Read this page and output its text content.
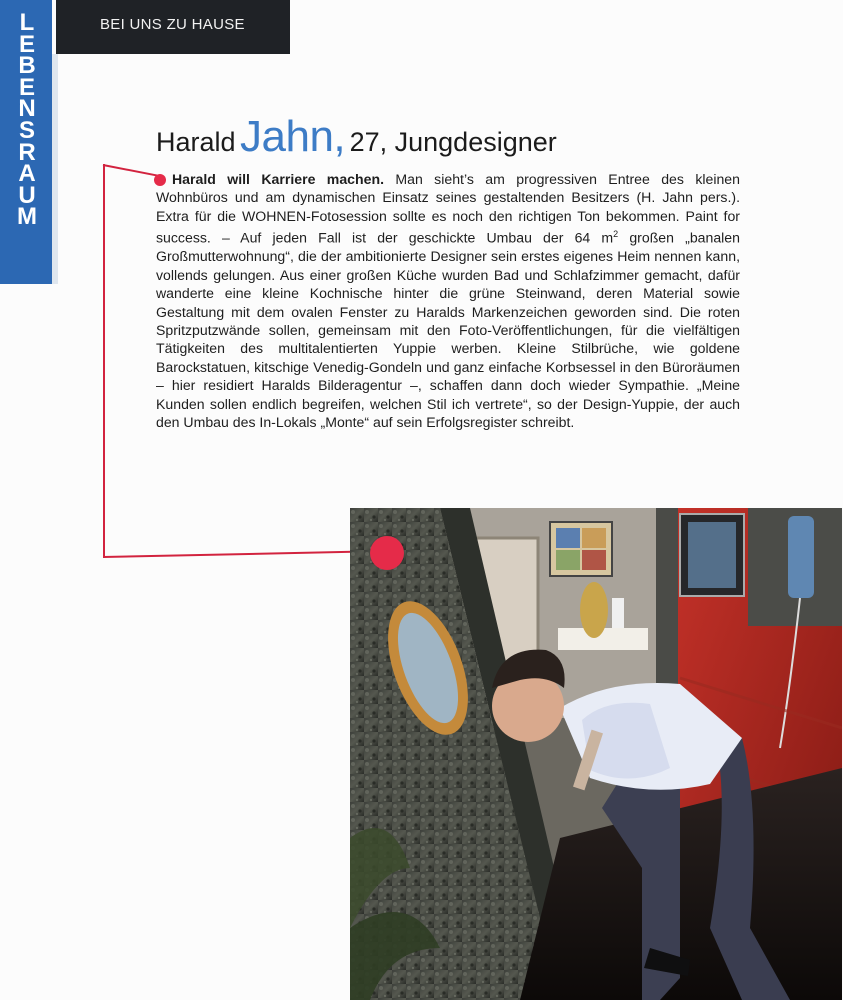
L
E
B
E
N
S
R
A
U
M
BEI UNS ZU HAUSE
Harald Jahn, 27, Jungdesigner

Harald will Karriere machen. Man sieht’s am progressiven Entree des kleinen Wohnbüros und am dynamischen Einsatz seines gestaltenden Besitzers (H. Jahn pers.). Extra für die WOHNEN-Fotosession sollte es noch den richtigen Ton bekommen. Paint for success. – Auf jeden Fall ist der geschickte Umbau der 64 $m^2$ großen „banalen Großmutterwohnung“, die der ambitionierte Designer sein erstes eigenes Heim nennen kann, vollends gelungen. Aus einer großen Küche wurden Bad und Schlafzimmer gemacht, dafür wanderte eine kleine Kochnische hinter die grüne Steinwand, deren Material sowie Gestaltung mit dem ovalen Fenster zu Haralds Markenzeichen geworden sind. Die roten Spritzputzwände sollen, gemeinsam mit den Foto-Veröffentlichungen, für die vielfältigen Tätigkeiten des multitalentierten Yuppie werben. Kleine Stilbrüche, wie goldene Barockstatuen, kitschige Venedig-Gondeln und ganz einfache Korbsessel in den Büroräumen – hier residiert Haralds Bilderagentur –, schaffen dann doch wieder Sympathie. „Meine Kunden sollen endlich begreifen, welchen Stil ich vertrete“, so der Design-Yuppie, der auch den Umbau des In-Lokals „Monte“ auf sein Erfolgsregister schreibt.
